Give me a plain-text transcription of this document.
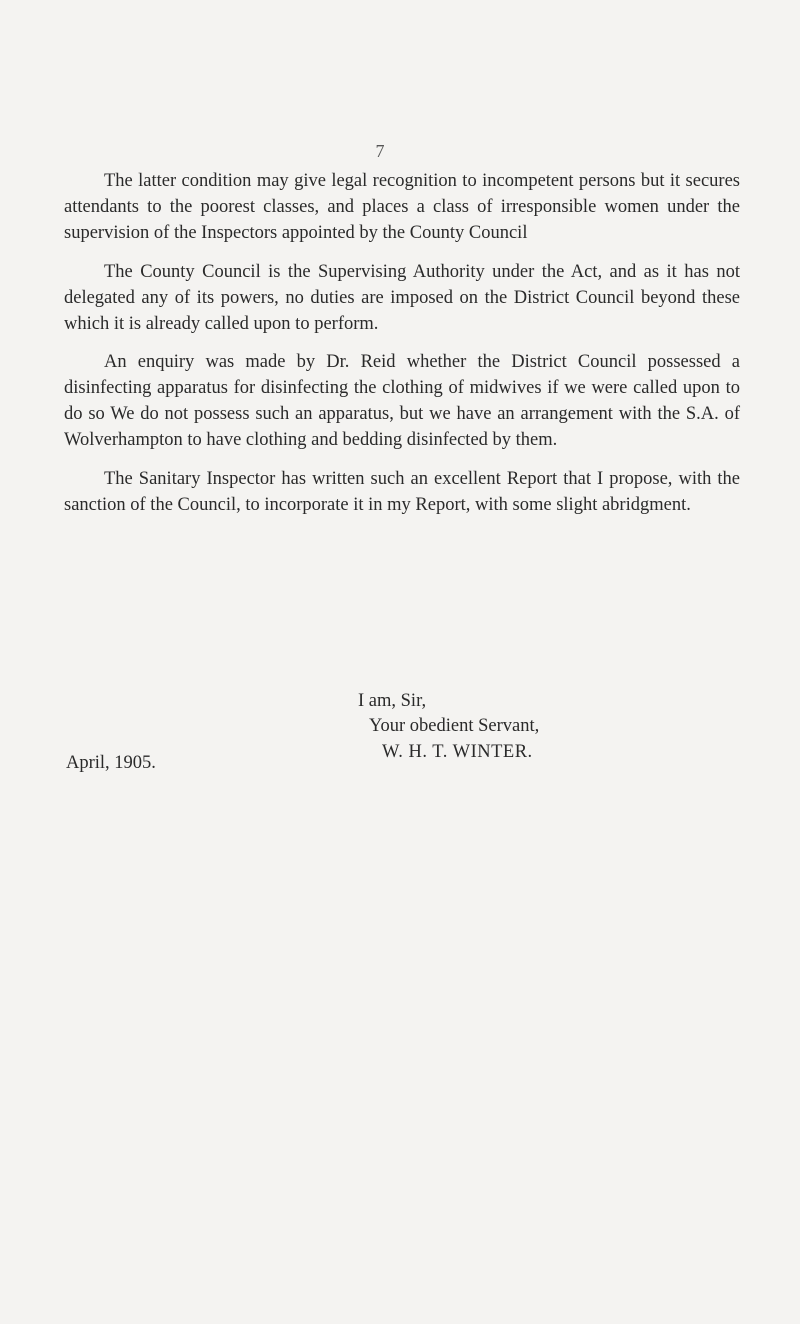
7

The latter condition may give legal recognition to incompetent persons but it secures attendants to the poorest classes, and places a class of irresponsible women under the supervision of the Inspectors appointed by the County Council

The County Council is the Supervising Authority under the Act, and as it has not delegated any of its powers, no duties are imposed on the District Council beyond these which it is already called upon to perform.

An enquiry was made by Dr. Reid whether the District Council possessed a disinfecting apparatus for disinfecting the clothing of midwives if we were called upon to do so We do not possess such an apparatus, but we have an arrangement with the S.A. of Wolverhampton to have clothing and bedding disinfected by them.

The Sanitary Inspector has written such an excellent Report that I propose, with the sanction of the Council, to incorporate it in my Report, with some slight abridgment.

I am, Sir,
Your obedient Servant,
W. H. T. WINTER.
April, 1905.
